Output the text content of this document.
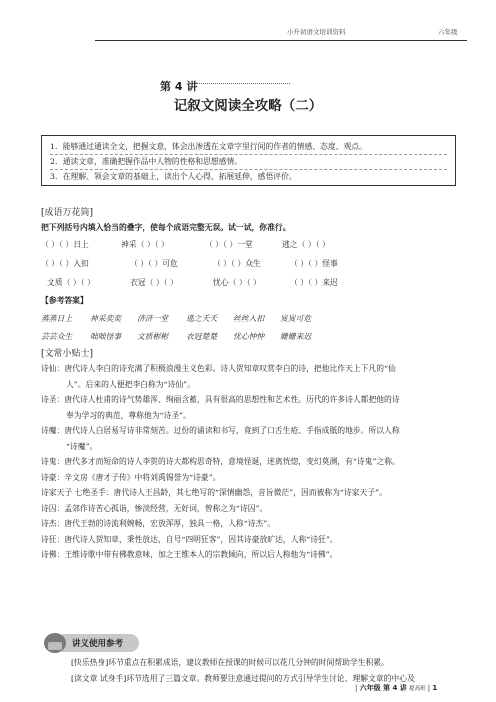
小升初语文培训资料	六年级
第 4 讲
记叙文阅读全攻略（二）
1．能够通过通读全文，把握文意，体会出渗透在文章字里行间的作者的情感、态度、观点。
2．通读文章，准确把握作品中人物的性格和思想感情。
3．在理解、领会文章的基础上，读出个人心得，拓展延伸，感悟评价。
[成语万花筒]
把下列括号内填入恰当的叠字，使每个成语完整无误。试一试，你准行。
（ ）（ ）日上	神采（ ）（ ）	（ ）（ ）一堂	逃之（ ）（ ）
（ ）（ ）入扣	（ ）（ ）可危	（ ）（ ）众生	（ ）（ ）怪事
文质（ ）（ ）	衣冠（ ）（ ）	忧心（ ）（ ）	（ ）（ ）来迟
【参考答案】
蒸蒸日上 神采奕奕 济济一堂 逃之夭夭 丝丝入扣 岌岌可危
芸芸众生 咄咄怪事 文质彬彬 衣冠楚楚 忧心忡忡 姗姗来迟
[文常小贴士]
诗仙：唐代诗人李白的诗充满了积极浪漫主义色彩。诗人贺知章叹赏李白的诗，把他比作天上下凡的“仙
人”。后来的人便把李白称为“诗仙”。
诗圣：唐代诗人杜甫的诗气势雄浑、绚丽含蓄，具有很高的思想性和艺术性。历代的许多诗人都把他的诗
奉为学习的典范，尊称他为“诗圣”。
诗魔：唐代诗人白居易写诗非常刻苦。过份的诵读和书写，竟到了口舌生疮、手指成胝的地步。所以人称
“诗魔”。
诗鬼：唐代多才而短命的诗人李贺的诗大都构思奇特，意境怪诞，迷离恍惚，变幻莫测，有“诗鬼”之称。
诗豪：辛文房《唐才子传》中将刘禹锡誉为“诗豪”。
诗家天子 七绝圣手：唐代诗人王昌龄，其七绝写的“深情幽怨，音旨微茫”，因而被称为“诗家天子”。
诗囚：孟郊作诗苦心孤诣，惨淡经营，无好词，曾称之为“诗囚”。
诗杰：唐代王勃的诗流利婉畅，宏放浑厚，独具一格，人称“诗杰”。
诗狂：唐代诗人贺知章，秉性放达，自号“四明狂客”，因其诗豪放旷达，人称“诗狂”。
诗佛：王维诗歌中带有佛教意味，加之王维本人的宗教倾向，所以后人称他为“诗佛”。
讲义使用参考
[快乐热身]环节重点在积累成语，建议教师在授课的时候可以花几分钟的时间帮助学生积累。
[读文章 试身手]环节选用了三篇文章。教师要注意通过提问的方式引导学生讨论、理解文章的中心及
| 六年级 第 4 讲 提高班 | 1
